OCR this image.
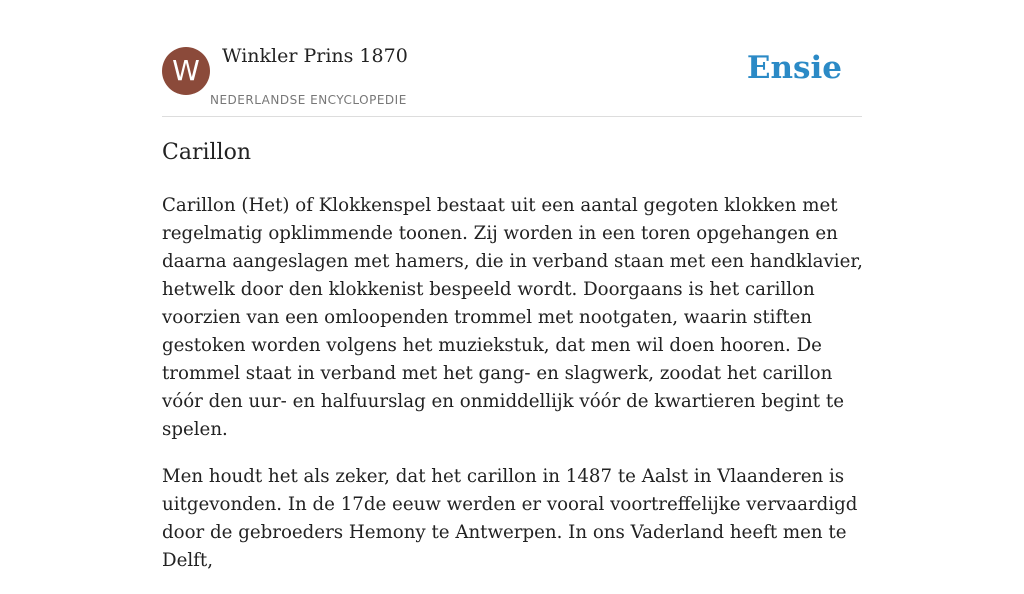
W	Winkler Prins 1870
NEDERLANDSE ENCYCLOPEDIE
Ensie
Carillon

Carillon (Het) of Klokkenspel bestaat uit een aantal gegoten klokken met regelmatig opklimmende toonen. Zij worden in een toren opgehangen en daarna aangeslagen met hamers, die in verband staan met een handklavier, hetwelk door den klokkenist bespeeld wordt. Doorgaans is het carillon voorzien van een omloopenden trommel met nootgaten, waarin stiften gestoken worden volgens het muziekstuk, dat men wil doen hooren. De trommel staat in verband met het gang- en slagwerk, zoodat het carillon vóór den uur- en halfuurslag en onmiddellijk vóór de kwartieren begint te spelen.

Men houdt het als zeker, dat het carillon in 1487 te Aalst in Vlaanderen is uitgevonden. In de 17de eeuw werden er vooral voortreffelijke vervaardigd door de gebroeders Hemony te Antwerpen. In ons Vaderland heeft men te Delft,
